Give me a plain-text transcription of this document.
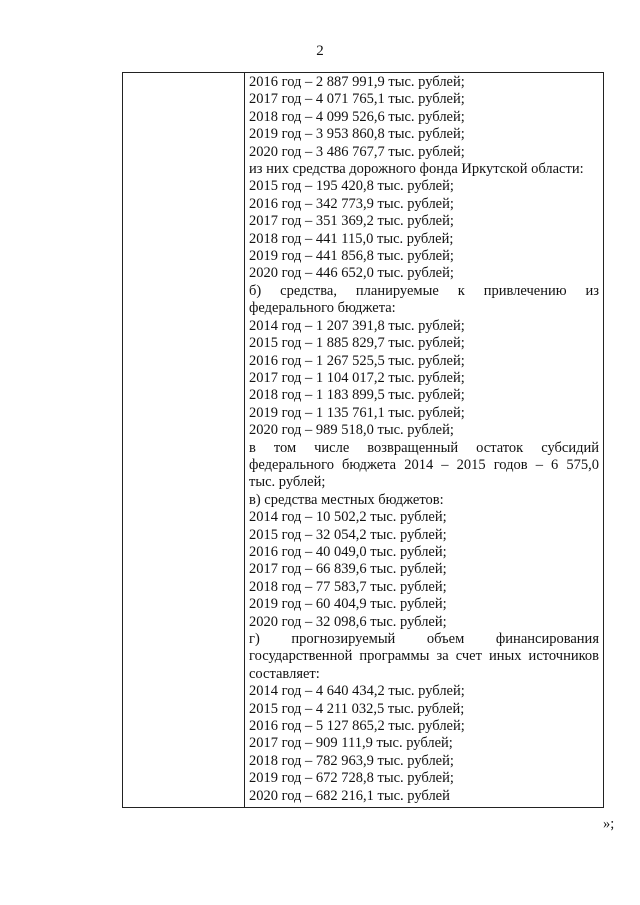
2

2016 год – 2 887 991,9 тыс. рублей;
2017 год – 4 071 765,1 тыс. рублей;
2018 год – 4 099 526,6 тыс. рублей;
2019 год – 3 953 860,8 тыс. рублей;
2020 год – 3 486 767,7 тыс. рублей;
из них средства дорожного фонда Иркутской области:
2015 год – 195 420,8 тыс. рублей;
2016 год – 342 773,9 тыс. рублей;
2017 год – 351 369,2 тыс. рублей;
2018 год – 441 115,0 тыс. рублей;
2019 год – 441 856,8 тыс. рублей;
2020 год – 446 652,0 тыс. рублей;
б) средства, планируемые к привлечению из
федерального бюджета:
2014 год – 1 207 391,8 тыс. рублей;
2015 год – 1 885 829,7 тыс. рублей;
2016 год – 1 267 525,5 тыс. рублей;
2017 год – 1 104 017,2 тыс. рублей;
2018 год – 1 183 899,5 тыс. рублей;
2019 год – 1 135 761,1 тыс. рублей;
2020 год – 989 518,0 тыс. рублей;
в том числе возвращенный остаток субсидий
федерального бюджета 2014 – 2015 годов – 6 575,0
тыс. рублей;
в) средства местных бюджетов:
2014 год – 10 502,2 тыс. рублей;
2015 год – 32 054,2 тыс. рублей;
2016 год – 40 049,0 тыс. рублей;
2017 год – 66 839,6 тыс. рублей;
2018 год – 77 583,7 тыс. рублей;
2019 год – 60 404,9 тыс. рублей;
2020 год – 32 098,6 тыс. рублей;
г) прогнозируемый объем финансирования
государственной программы за счет иных источников
составляет:
2014 год – 4 640 434,2 тыс. рублей;
2015 год – 4 211 032,5 тыс. рублей;
2016 год – 5 127 865,2 тыс. рублей;
2017 год – 909 111,9 тыс. рублей;
2018 год – 782 963,9 тыс. рублей;
2019 год – 672 728,8 тыс. рублей;
2020 год – 682 216,1 тыс. рублей
»;
